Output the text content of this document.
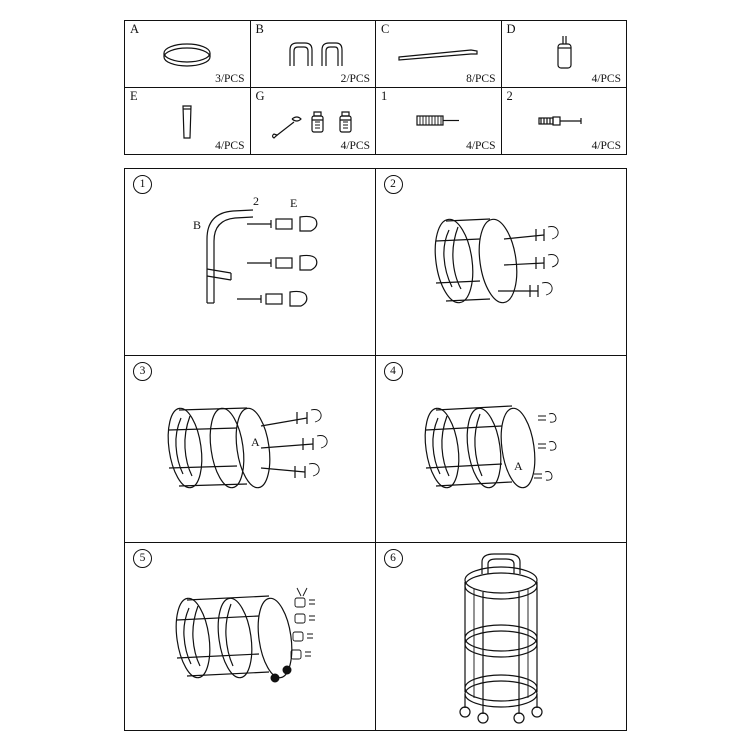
A
3/PCS
B
2/PCS
C
8/PCS
D
4/PCS
E
4/PCS
G
4/PCS
1
4/PCS
2
4/PCS
1
B
2	E
2
3
A
4
A
5	6
